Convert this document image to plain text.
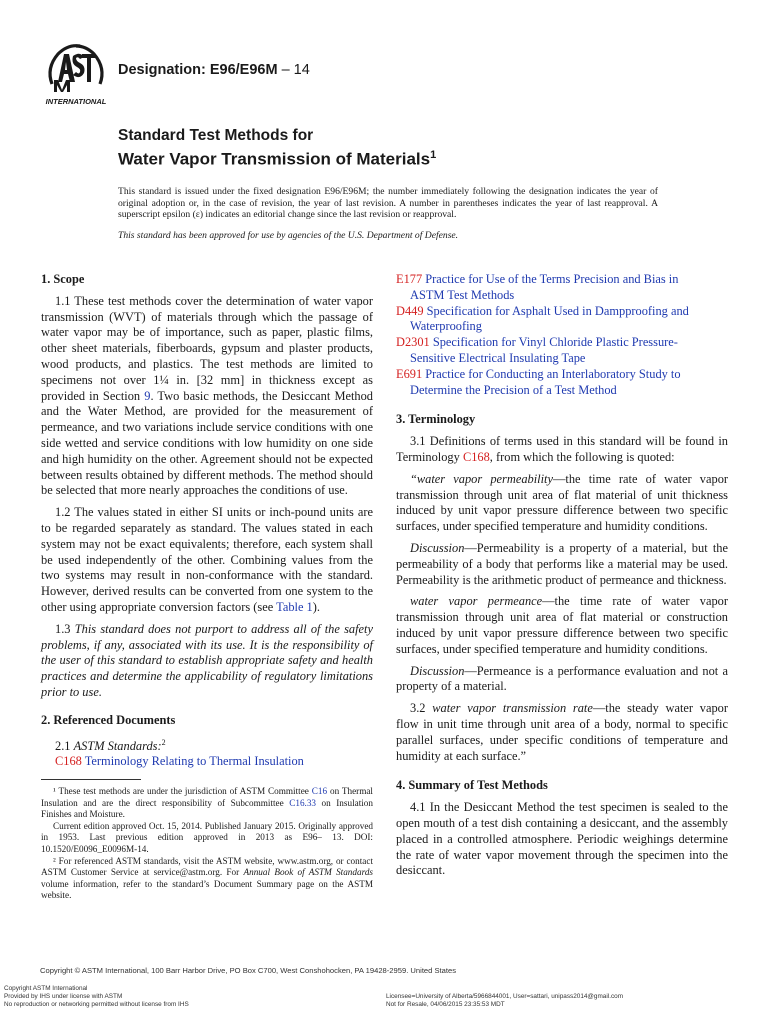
INTERNATIONAL
Designation: E96/E96M – 14
Standard Test Methods for
Water Vapor Transmission of Materials$^1$
This standard is issued under the fixed designation E96/E96M; the number immediately following the designation indicates the year of original adoption or, in the case of revision, the year of last revision. A number in parentheses indicates the year of last reapproval. A superscript epsilon (ε) indicates an editorial change since the last revision or reapproval.
This standard has been approved for use by agencies of the U.S. Department of Defense.
1. Scope

1.1 These test methods cover the determination of water vapor transmission (WVT) of materials through which the passage of water vapor may be of importance, such as paper, plastic films, other sheet materials, fiberboards, gypsum and plaster products, wood products, and plastics. The test methods are limited to specimens not over 1¼ in. [32 mm] in thickness except as provided in Section 9. Two basic methods, the Desiccant Method and the Water Method, are provided for the measurement of permeance, and two variations include service conditions with one side wetted and service conditions with low humidity on one side and high humidity on the other. Agreement should not be expected between results obtained by different methods. The method should be selected that more nearly approaches the conditions of use.

1.2 The values stated in either SI units or inch-pound units are to be regarded separately as standard. The values stated in each system may not be exact equivalents; therefore, each system shall be used independently of the other. Combining values from the two systems may result in non-conformance with the standard. However, derived results can be converted from one system to the other using appropriate conversion factors (see Table 1).

1.3 This standard does not purport to address all of the safety problems, if any, associated with its use. It is the responsibility of the user of this standard to establish appropriate safety and health practices and determine the applicability of regulatory limitations prior to use.

2. Referenced Documents

2.1 ASTM Standards:$^2$

C168 Terminology Relating to Thermal Insulation

¹ These test methods are under the jurisdiction of ASTM Committee C16 on Thermal Insulation and are the direct responsibility of Subcommittee C16.33 on Insulation Finishes and Moisture.

Current edition approved Oct. 15, 2014. Published January 2015. Originally approved in 1953. Last previous edition approved in 2013 as E96– 13. DOI: 10.1520/E0096_E0096M-14.

² For referenced ASTM standards, visit the ASTM website, www.astm.org, or contact ASTM Customer Service at service@astm.org. For Annual Book of ASTM Standards volume information, refer to the standard’s Document Summary page on the ASTM website.

E177 Practice for Use of the Terms Precision and Bias in
ASTM Test Methods
D449 Specification for Asphalt Used in Dampproofing and
Waterproofing
D2301 Specification for Vinyl Chloride Plastic Pressure-
Sensitive Electrical Insulating Tape
E691 Practice for Conducting an Interlaboratory Study to
Determine the Precision of a Test Method
3. Terminology

3.1 Definitions of terms used in this standard will be found in Terminology C168, from which the following is quoted:

“water vapor permeability—the time rate of water vapor transmission through unit area of flat material of unit thickness induced by unit vapor pressure difference between two specific surfaces, under specified temperature and humidity conditions.

Discussion—Permeability is a property of a material, but the permeability of a body that performs like a material may be used. Permeability is the arithmetic product of permeance and thickness.

water vapor permeance—the time rate of water vapor transmission through unit area of flat material or construction induced by unit vapor pressure difference between two specific surfaces, under specified temperature and humidity conditions.

Discussion—Permeance is a performance evaluation and not a property of a material.

3.2 water vapor transmission rate—the steady water vapor flow in unit time through unit area of a body, normal to specific parallel surfaces, under specific conditions of temperature and humidity at each surface.”

4. Summary of Test Methods

4.1 In the Desiccant Method the test specimen is sealed to the open mouth of a test dish containing a desiccant, and the assembly placed in a controlled atmosphere. Periodic weighings determine the rate of water vapor movement through the specimen into the desiccant.

Copyright © ASTM International, 100 Barr Harbor Drive, PO Box C700, West Conshohocken, PA 19428-2959. United States
Copyright ASTM International
Provided by IHS under license with ASTM
No reproduction or networking permitted without license from IHS
Licensee=University of Alberta/5966844001, User=sattari, unipass2014@gmail.com
Not for Resale, 04/06/2015 23:35:53 MDT
